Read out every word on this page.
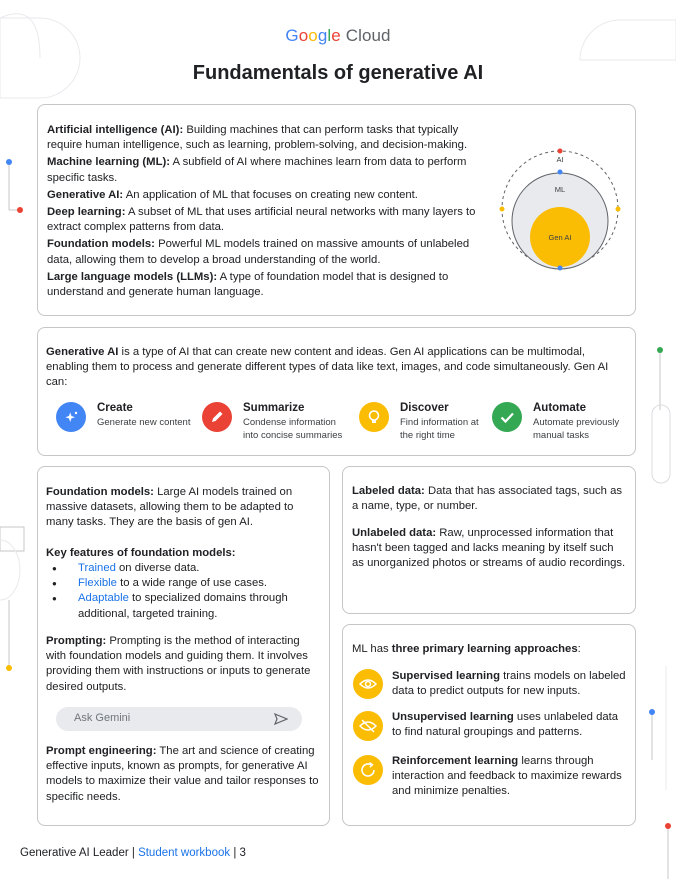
Google Cloud
Fundamentals of generative AI

Artificial intelligence (AI): Building machines that can perform tasks that typically require human intelligence, such as learning, problem-solving, and decision-making.

Machine learning (ML): A subfield of AI where machines learn from data to perform specific tasks.

Generative AI: An application of ML that focuses on creating new content.

Deep learning: A subset of ML that uses artificial neural networks with many layers to extract complex patterns from data.

Foundation models: Powerful ML models trained on massive amounts of unlabeled data, allowing them to develop a broad understanding of the world.

Large language models (LLMs): A type of foundation model that is designed to understand and generate human language.

AI
ML
Gen AI

Generative AI is a type of AI that can create new content and ideas. Gen AI applications can be multimodal, enabling them to process and generate different types of data like text, images, and code simultaneously. Gen AI can:

Create
Generate new content
Summarize
Condense information into concise summaries
Discover
Find information at the right time
Automate
Automate previously manual tasks

Foundation models: Large AI models trained on massive datasets, allowing them to be adapted to many tasks. They are the basis of gen AI.

Key features of foundation models:

● Trained on diverse data.
● Flexible to a wide range of use cases.
● Adaptable to specialized domains through additional, targeted training.

Prompting: Prompting is the method of interacting with foundation models and guiding them. It involves providing them with instructions or inputs to generate desired outputs.

Ask Gemini

Prompt engineering: The art and science of creating effective inputs, known as prompts, for generative AI models to maximize their value and tailor responses to specific needs.

Labeled data: Data that has associated tags, such as a name, type, or number.

Unlabeled data: Raw, unprocessed information that hasn't been tagged and lacks meaning by itself such as unorganized photos or streams of audio recordings.

ML has three primary learning approaches:

Supervised learning trains models on labeled data to predict outputs for new inputs.

Unsupervised learning uses unlabeled data to find natural groupings and patterns.

Reinforcement learning learns through interaction and feedback to maximize rewards and minimize penalties.

Generative AI Leader | Student workbook | 3
